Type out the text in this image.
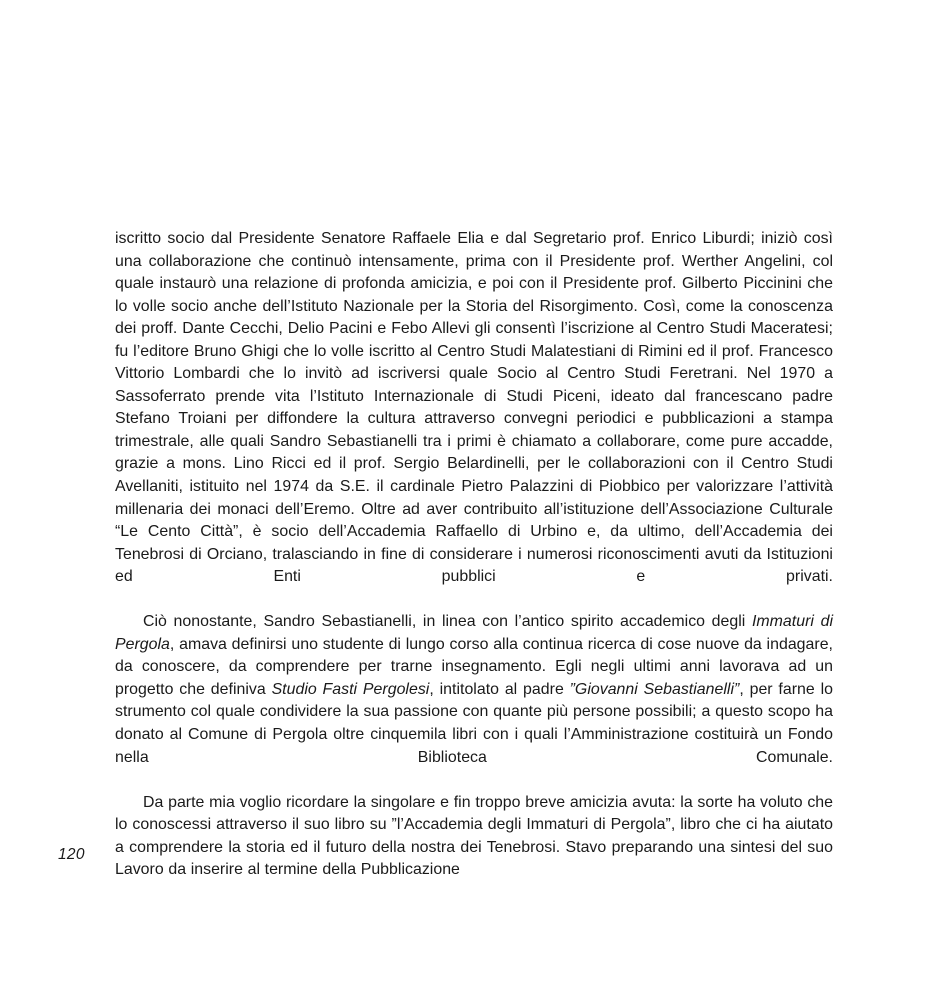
120

iscritto socio dal Presidente Senatore Raffaele Elia e dal Segretario prof. Enrico Liburdi; iniziò così una collaborazione che continuò intensamente, prima con il Presidente prof. Werther Angelini, col quale instaurò una relazione di profonda amicizia, e poi con il Presidente prof. Gilberto Piccinini che lo volle socio anche dell’Istituto Nazionale per la Storia del Risorgimento. Così, come la conoscenza dei proff. Dante Cecchi, Delio Pacini e Febo Allevi gli consentì l’iscrizione al Centro Studi Maceratesi; fu l’editore Bruno Ghigi che lo volle iscritto al Centro Studi Malatestiani di Rimini ed il prof. Francesco Vittorio Lombardi che lo invitò ad iscriversi quale Socio al Centro Studi Feretrani. Nel 1970 a Sassoferrato prende vita l’Istituto Internazionale di Studi Piceni, ideato dal francescano padre Stefano Troiani per diffondere la cultura attraverso convegni periodici e pubblicazioni a stampa trimestrale, alle quali Sandro Sebastianelli tra i primi è chiamato a collaborare, come pure accadde, grazie a mons. Lino Ricci ed il prof. Sergio Belardinelli, per le collaborazioni con il Centro Studi Avellaniti, istituito nel 1974 da S.E. il cardinale Pietro Palazzini di Piobbico per valorizzare l’attività millenaria dei monaci dell’Eremo. Oltre ad aver contribuito all’istituzione dell’Associazione Culturale “Le Cento Città”, è socio dell’Accademia Raffaello di Urbino e, da ultimo, dell’Accademia dei Tenebrosi di Orciano, tralasciando in fine di considerare i numerosi riconoscimenti avuti da Istituzioni ed Enti pubblici e privati.

Ciò nonostante, Sandro Sebastianelli, in linea con l’antico spirito accademico degli Immaturi di Pergola, amava definirsi uno studente di lungo corso alla continua ricerca di cose nuove da indagare, da conoscere, da comprendere per trarne insegnamento. Egli negli ultimi anni lavorava ad un progetto che definiva Studio Fasti Pergolesi, intitolato al padre ”Giovanni Sebastianelli”, per farne lo strumento col quale condividere la sua passione con quante più persone possibili; a questo scopo ha donato al Comune di Pergola oltre cinquemila libri con i quali l’Amministrazione costituirà un Fondo nella Biblioteca Comunale.

Da parte mia voglio ricordare la singolare e fin troppo breve amicizia avuta: la sorte ha voluto che lo conoscessi attraverso il suo libro su ”l’Accademia degli Immaturi di Pergola”, libro che ci ha aiutato a comprendere la storia ed il futuro della nostra dei Tenebrosi. Stavo preparando una sintesi del suo Lavoro da inserire al termine della Pubblicazione
